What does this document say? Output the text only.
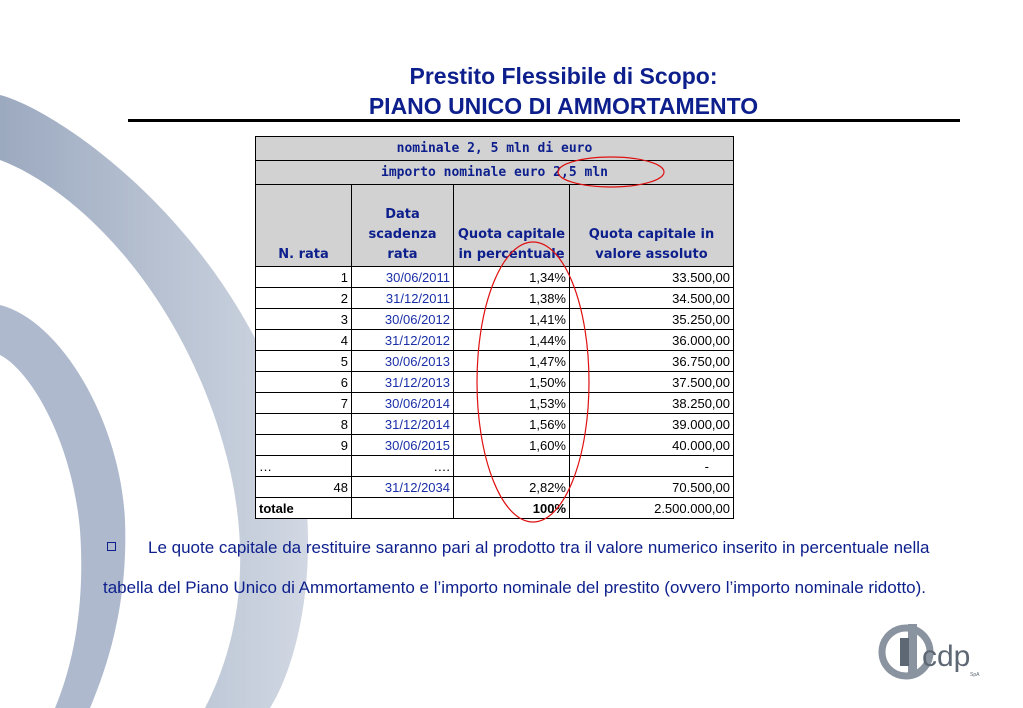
Prestito Flessibile di Scopo:
PIANO UNICO DI AMMORTAMENTO
nominale 2, 5 mln di euro			
importo nominale euro 2,5 mln			
N. rata	Data scadenza rata	Quota capitale in percentuale	Quota capitale in valore assoluto
1	30/06/2011	1,34%	33.500,00
2	31/12/2011	1,38%	34.500,00
3	30/06/2012	1,41%	35.250,00
4	31/12/2012	1,44%	36.000,00
5	30/06/2013	1,47%	36.750,00
6	31/12/2013	1,50%	37.500,00
7	30/06/2014	1,53%	38.250,00
8	31/12/2014	1,56%	39.000,00
9	30/06/2015	1,60%	40.000,00
…	….		-
48	31/12/2034	2,82%	70.500,00
totale		100%	2.500.000,00
Le quote capitale da restituire saranno pari al prodotto tra il valore numerico inserito in percentuale nella tabella del Piano Unico di Ammortamento e l’importo nominale del prestito (ovvero l’importo nominale ridotto).
cdp
SpA
